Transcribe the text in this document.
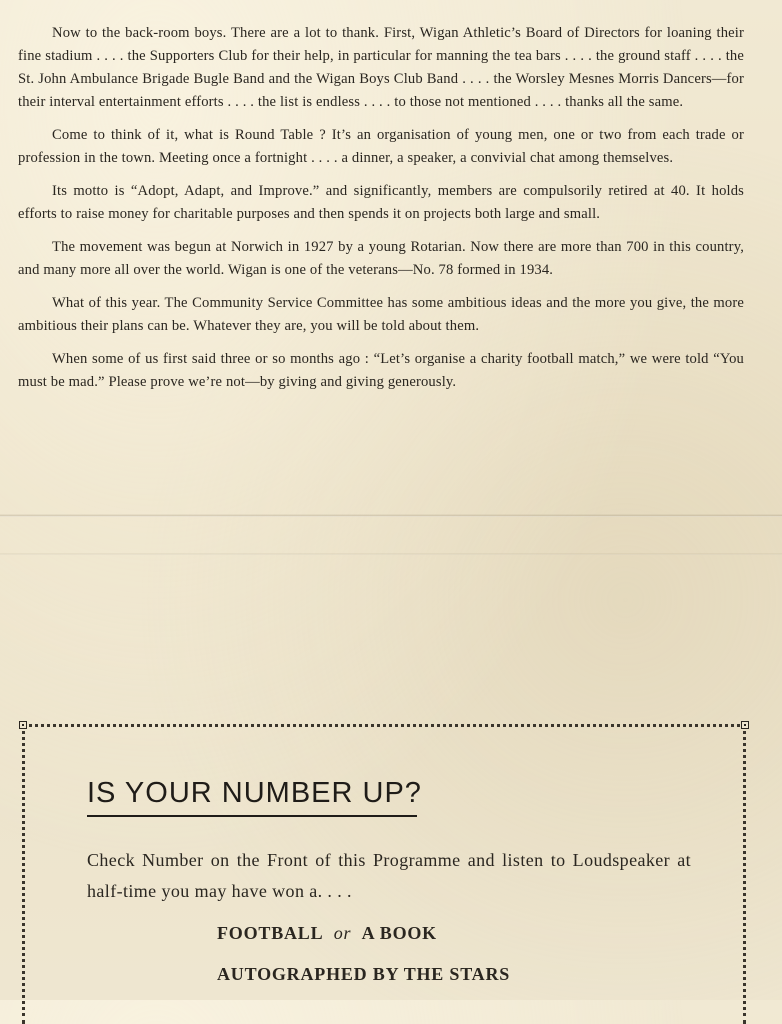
Now to the back-room boys. There are a lot to thank. First, Wigan Athletic’s Board of Directors for loaning their fine stadium . . . . the Supporters Club for their help, in particular for manning the tea bars . . . . the ground staff . . . . the St. John Ambulance Brigade Bugle Band and the Wigan Boys Club Band . . . . the Worsley Mesnes Morris Dancers—for their interval entertainment efforts . . . . the list is endless . . . . to those not mentioned . . . . thanks all the same.

Come to think of it, what is Round Table ? It’s an organisation of young men, one or two from each trade or profession in the town. Meeting once a fortnight . . . . a dinner, a speaker, a convivial chat among themselves.

Its motto is “Adopt, Adapt, and Improve.” and significantly, members are compulsorily retired at 40. It holds efforts to raise money for charitable purposes and then spends it on projects both large and small.

The movement was begun at Norwich in 1927 by a young Rotarian. Now there are more than 700 in this country, and many more all over the world. Wigan is one of the veterans—No. 78 formed in 1934.

What of this year. The Community Service Committee has some ambitious ideas and the more you give, the more ambitious their plans can be. Whatever they are, you will be told about them.

When some of us first said three or so months ago : “Let’s organise a charity football match,” we were told “You must be mad.” Please prove we’re not—by giving and giving generously.

IS YOUR NUMBER UP?

Check Number on the Front of this Programme and listen to Loudspeaker at half-time you may have won a. . . .

FOOTBALL or A BOOK

AUTOGRAPHED BY THE STARS
